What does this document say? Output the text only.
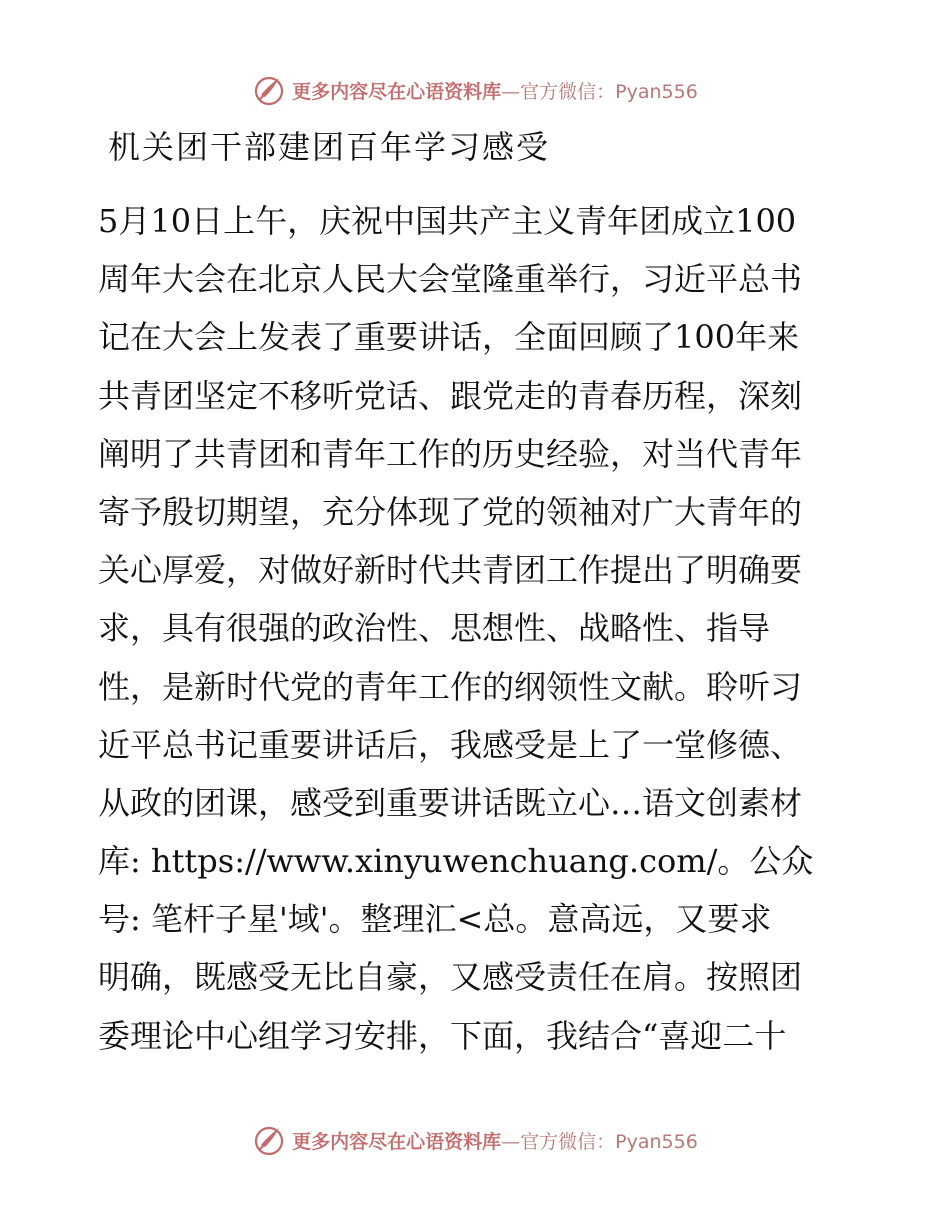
更多内容尽在心语资料库—官方微信：Pyan556
机关团干部建团百年学习感受
5月10日上午，庆祝中国共产主义青年团成立100
周年大会在北京人民大会堂隆重举行，习近平总书
记在大会上发表了重要讲话，全面回顾了100年来
共青团坚定不移听党话、跟党走的青春历程，深刻
阐明了共青团和青年工作的历史经验，对当代青年
寄予殷切期望，充分体现了党的领袖对广大青年的
关心厚爱，对做好新时代共青团工作提出了明确要
求，具有很强的政治性、思想性、战略性、指导
性，是新时代党的青年工作的纲领性文献。聆听习
近平总书记重要讲话后，我感受是上了一堂修德、
从政的团课，感受到重要讲话既立心…语文创素材
库: https://www.xinyuwenchuang.com/。公众
号: 笔杆子星'域'。整理汇<总。意高远，又要求
明确，既感受无比自豪，又感受责任在肩。按照团
委理论中心组学习安排，下面，我结合“喜迎二十
更多内容尽在心语资料库—官方微信：Pyan556
